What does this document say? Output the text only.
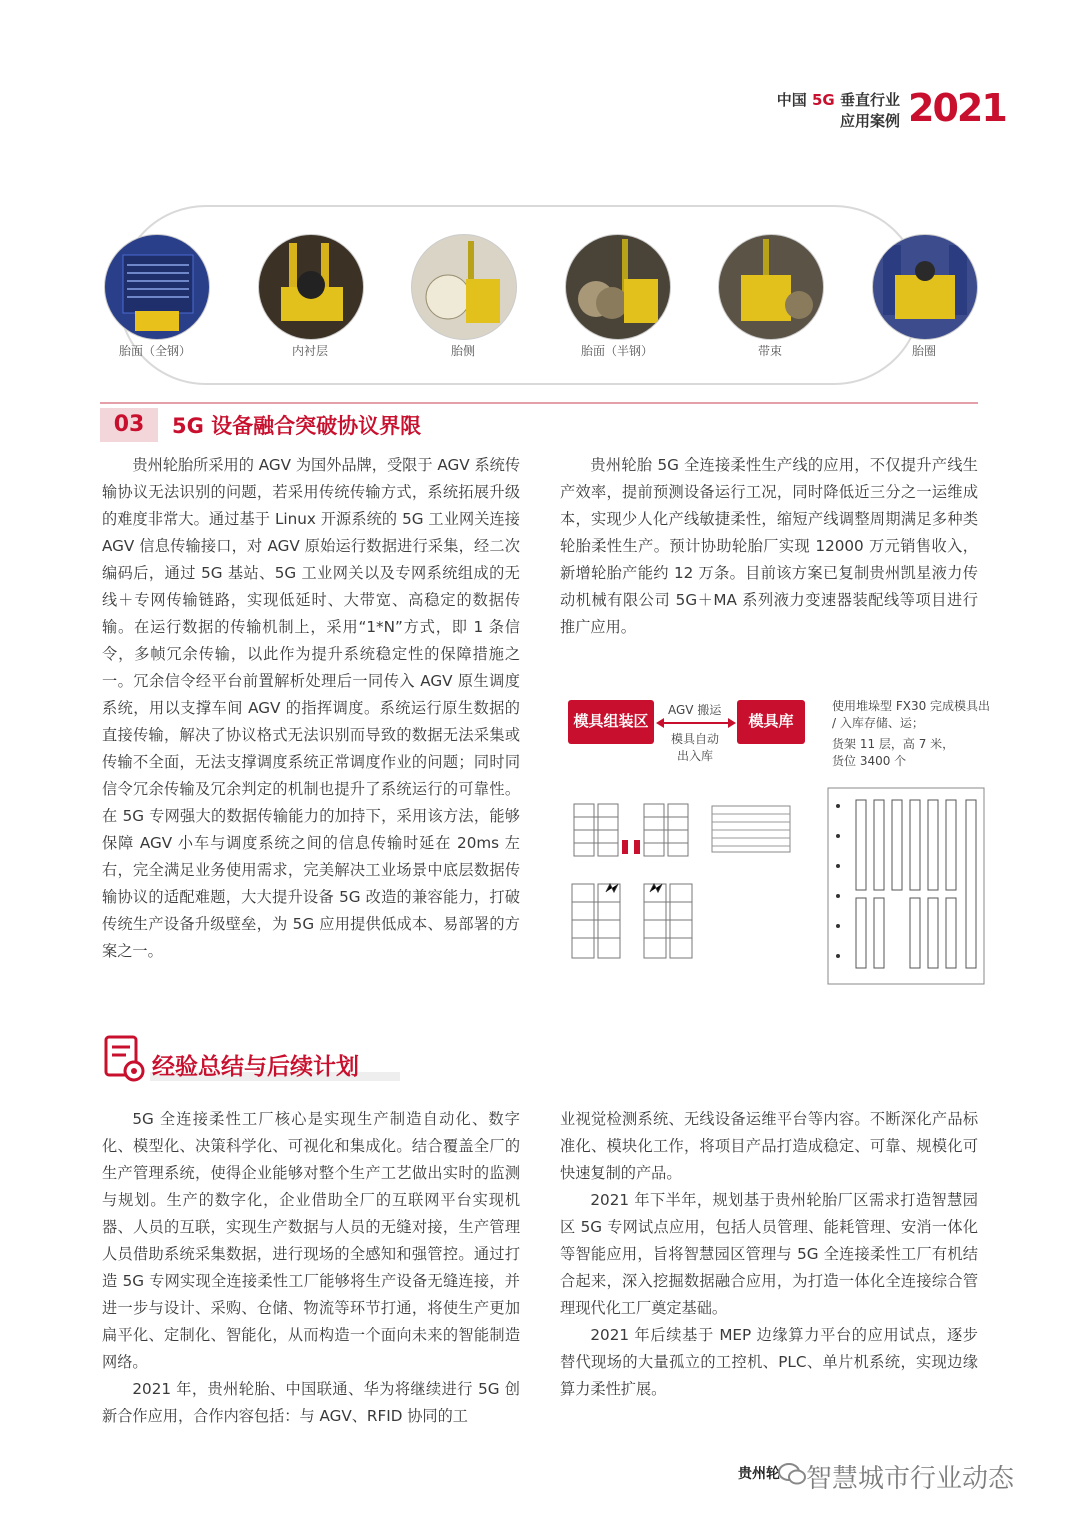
中国 5G 垂直行业
应用案例 2021
胎面（全钢）	内衬层	胎侧	胎面（半钢）	带束	胎圈
03	5G 设备融合突破协议界限

贵州轮胎所采用的 AGV 为国外品牌，受限于 AGV 系统传输协议无法识别的问题，若采用传统传输方式，系统拓展升级的难度非常大。通过基于 Linux 开源系统的 5G 工业网关连接 AGV 信息传输接口，对 AGV 原始运行数据进行采集，经二次编码后，通过 5G 基站、5G 工业网关以及专网系统组成的无线＋专网传输链路，实现低延时、大带宽、高稳定的数据传输。在运行数据的传输机制上，采用“1*N”方式，即 1 条信令，多帧冗余传输，以此作为提升系统稳定性的保障措施之一。冗余信令经平台前置解析处理后一同传入 AGV 原生调度系统，用以支撑车间 AGV 的指挥调度。系统运行原生数据的直接传输，解决了协议格式无法识别而导致的数据无法采集或传输不全面，无法支撑调度系统正常调度作业的问题；同时同信令冗余传输及冗余判定的机制也提升了系统运行的可靠性。在 5G 专网强大的数据传输能力的加持下，采用该方法，能够保障 AGV 小车与调度系统之间的信息传输时延在 20ms 左右，完全满足业务使用需求，完美解决工业场景中底层数据传输协议的适配难题，大大提升设备 5G 改造的兼容能力，打破传统生产设备升级壁垒，为 5G 应用提供低成本、易部署的方案之一。

贵州轮胎 5G 全连接柔性生产线的应用，不仅提升产线生产效率，提前预测设备运行工况，同时降低近三分之一运维成本，实现少人化产线敏捷柔性，缩短产线调整周期满足多种类轮胎柔性生产。预计协助轮胎厂实现 12000 万元销售收入，新增轮胎产能约 12 万条。目前该方案已复制贵州凯星液力传动机械有限公司 5G＋MA 系列液力变速器装配线等项目进行推广应用。

模具组装区	模具库
AGV 搬运
模具自动
出入库
使用堆垛型 FX30 完成模具出 / 入库存储、运；
货架 11 层，高 7 米，
货位 3400 个
经验总结与后续计划

5G 全连接柔性工厂核心是实现生产制造自动化、数字化、模型化、决策科学化、可视化和集成化。结合覆盖全厂的生产管理系统，使得企业能够对整个生产工艺做出实时的监测与规划。生产的数字化，企业借助全厂的互联网平台实现机器、人员的互联，实现生产数据与人员的无缝对接，生产管理人员借助系统采集数据，进行现场的全感知和强管控。通过打造 5G 专网实现全连接柔性工厂能够将生产设备无缝连接，并进一步与设计、采购、仓储、物流等环节打通，将使生产更加扁平化、定制化、智能化，从而构造一个面向未来的智能制造网络。

2021 年，贵州轮胎、中国联通、华为将继续进行 5G 创新合作应用，合作内容包括：与 AGV、RFID 协同的工

业视觉检测系统、无线设备运维平台等内容。不断深化产品标准化、模块化工作，将项目产品打造成稳定、可靠、规模化可快速复制的产品。

2021 年下半年，规划基于贵州轮胎厂区需求打造智慧园区 5G 专网试点应用，包括人员管理、能耗管理、安消一体化等智能应用，旨将智慧园区管理与 5G 全连接柔性工厂有机结合起来，深入挖掘数据融合应用，为打造一体化全连接综合管理现代化工厂奠定基础。

2021 年后续基于 MEP 边缘算力平台的应用试点，逐步替代现场的大量孤立的工控机、PLC、单片机系统，实现边缘算力柔性扩展。

贵州轮 智慧城市行业动态
